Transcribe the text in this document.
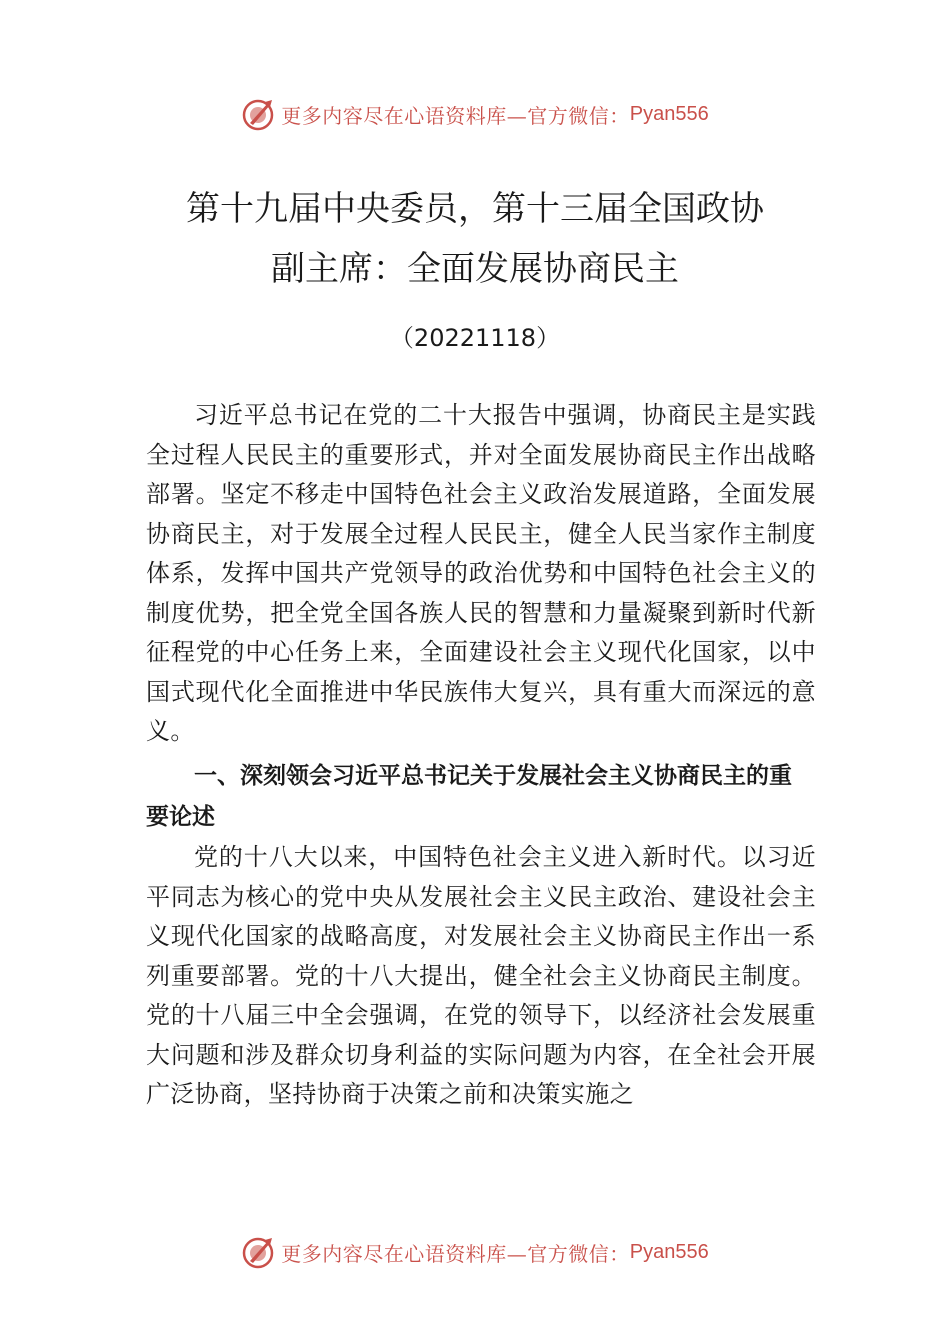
更多内容尽在心语资料库—官方微信： Pyan556
第十九届中央委员，第十三届全国政协
副主席：全面发展协商民主
（20221118）

习近平总书记在党的二十大报告中强调，协商民主是实践全过程人民民主的重要形式，并对全面发展协商民主作出战略部署。坚定不移走中国特色社会主义政治发展道路，全面发展协商民主，对于发展全过程人民民主，健全人民当家作主制度体系，发挥中国共产党领导的政治优势和中国特色社会主义的制度优势，把全党全国各族人民的智慧和力量凝聚到新时代新征程党的中心任务上来，全面建设社会主义现代化国家，以中国式现代化全面推进中华民族伟大复兴，具有重大而深远的意义。

一、深刻领会习近平总书记关于发展社会主义协商民主的重要论述

党的十八大以来，中国特色社会主义进入新时代。以习近平同志为核心的党中央从发展社会主义民主政治、建设社会主义现代化国家的战略高度，对发展社会主义协商民主作出一系列重要部署。党的十八大提出，健全社会主义协商民主制度。党的十八届三中全会强调，在党的领导下，以经济社会发展重大问题和涉及群众切身利益的实际问题为内容，在全社会开展广泛协商，坚持协商于决策之前和决策实施之

更多内容尽在心语资料库—官方微信： Pyan556
